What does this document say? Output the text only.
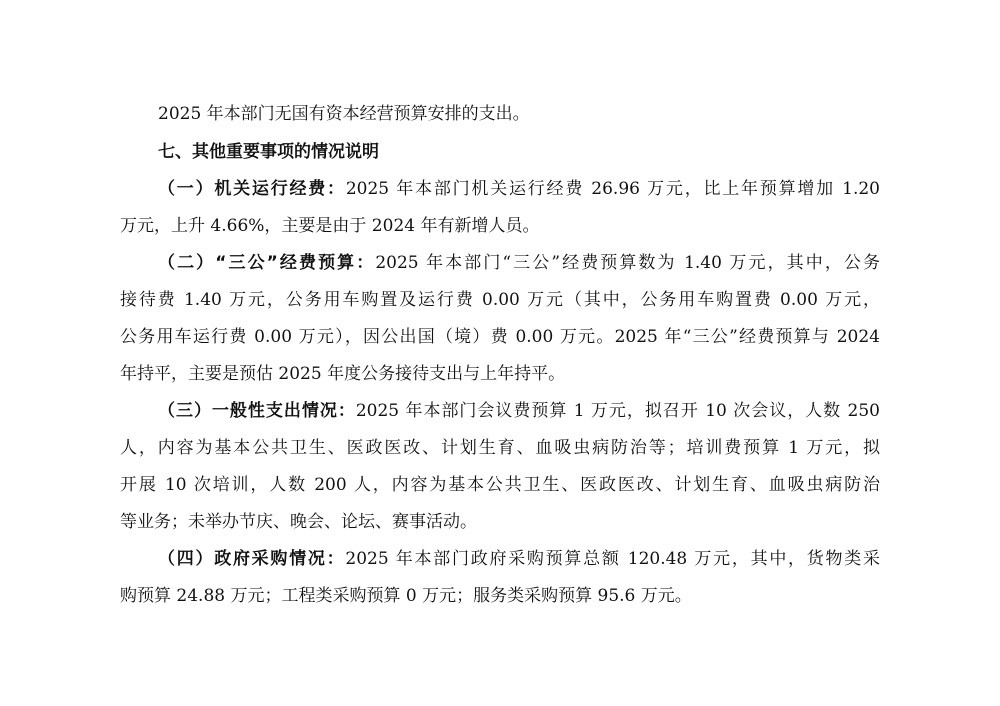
2025 年本部门无国有资本经营预算安排的支出。
七、其他重要事项的情况说明
（一）机关运行经费：2025 年本部门机关运行经费 26.96 万元，比上年预算增加 1.20
万元，上升 4.66%，主要是由于 2024 年有新增人员。
（二）“三公”经费预算：2025 年本部门“三公”经费预算数为 1.40 万元，其中，公务
接待费 1.40 万元，公务用车购置及运行费 0.00 万元（其中，公务用车购置费 0.00 万元，
公务用车运行费 0.00 万元），因公出国（境）费 0.00 万元。2025 年“三公”经费预算与 2024
年持平，主要是预估 2025 年度公务接待支出与上年持平。
（三）一般性支出情况：2025 年本部门会议费预算 1 万元，拟召开 10 次会议，人数 250
人，内容为基本公共卫生、医政医改、计划生育、血吸虫病防治等；培训费预算 1 万元，拟
开展 10 次培训，人数 200 人，内容为基本公共卫生、医政医改、计划生育、血吸虫病防治
等业务；未举办节庆、晚会、论坛、赛事活动。
（四）政府采购情况：2025 年本部门政府采购预算总额 120.48 万元，其中，货物类采
购预算 24.88 万元；工程类采购预算 0 万元；服务类采购预算 95.6 万元。
